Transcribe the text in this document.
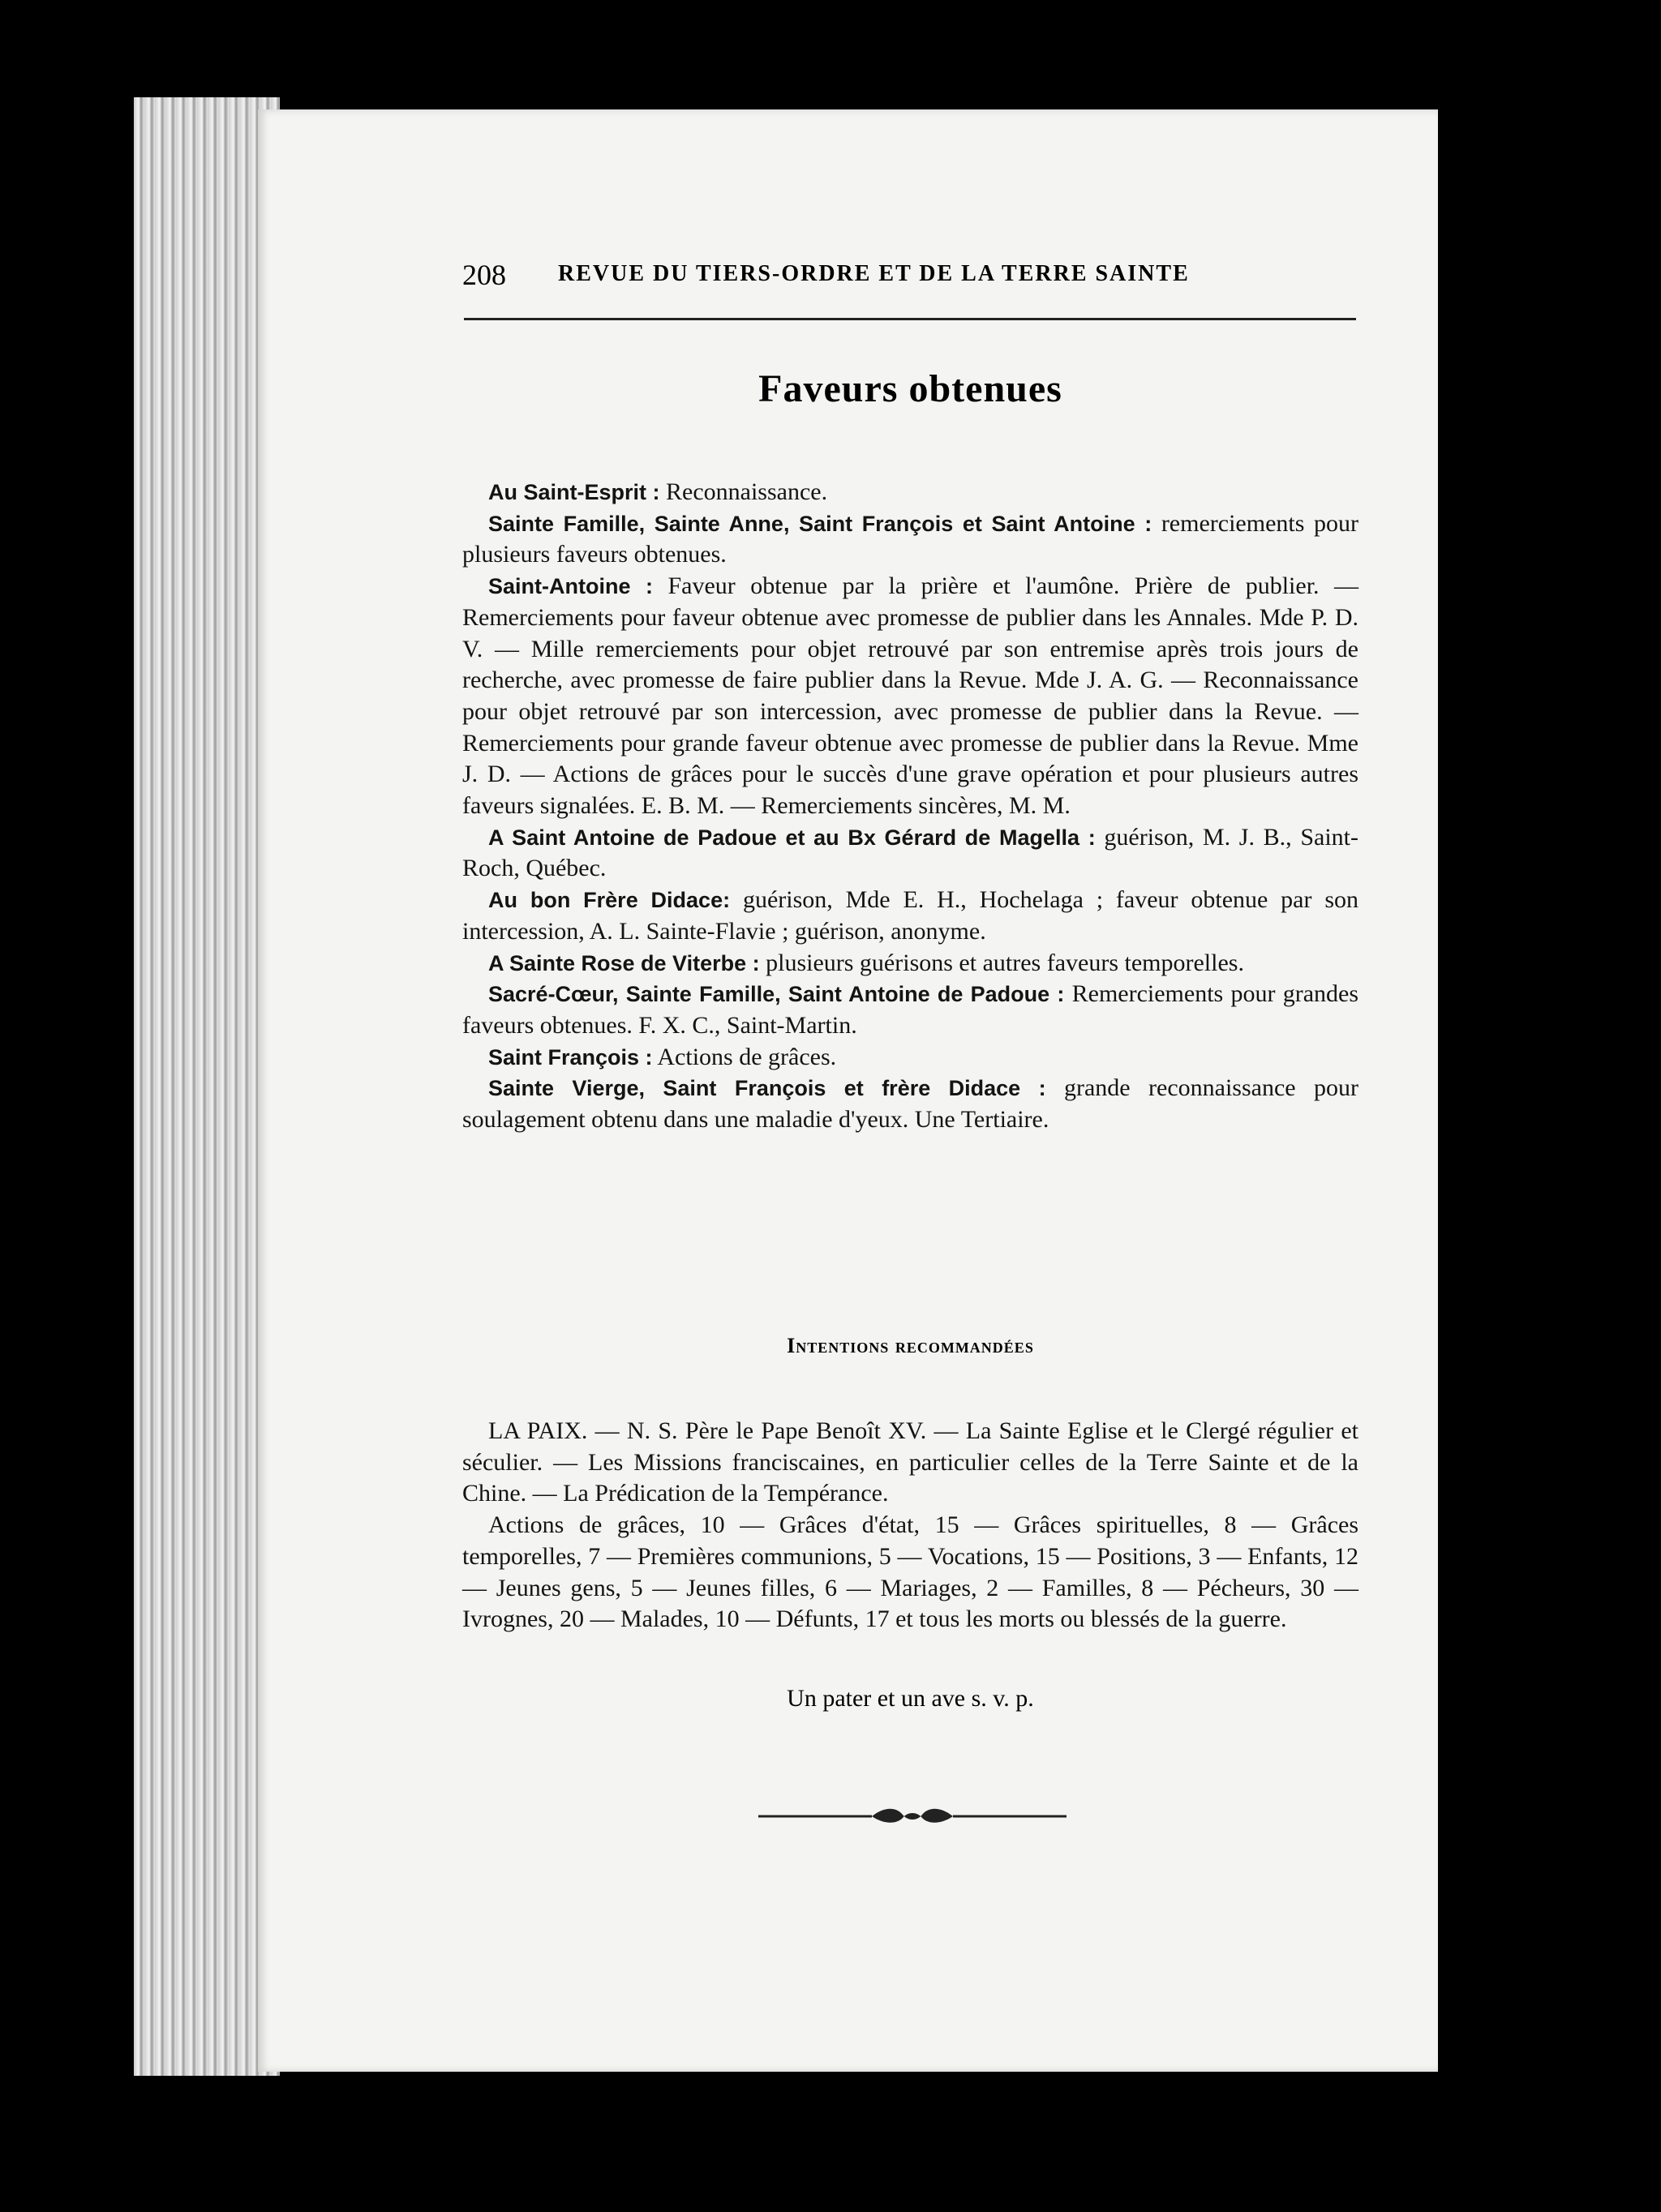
208 REVUE DU TIERS-ORDRE ET DE LA TERRE SAINTE
Faveurs obtenues

Au Saint-Esprit : Reconnaissance.

Sainte Famille, Sainte Anne, Saint François et Saint Antoine : remerciements pour plusieurs faveurs obtenues.

Saint-Antoine : Faveur obtenue par la prière et l'aumône. Prière de publier. — Remerciements pour faveur obtenue avec promesse de publier dans les Annales. Mde P. D. V. — Mille remerciements pour objet retrouvé par son entremise après trois jours de recherche, avec promesse de faire publier dans la Revue. Mde J. A. G. — Reconnaissance pour objet retrouvé par son intercession, avec promesse de publier dans la Revue. — Remerciements pour grande faveur obtenue avec promesse de publier dans la Revue. Mme J. D. — Actions de grâces pour le succès d'une grave opération et pour plusieurs autres faveurs signalées. E. B. M. — Remerciements sincères, M. M.

A Saint Antoine de Padoue et au Bx Gérard de Magella : guérison, M. J. B., Saint-Roch, Québec.

Au bon Frère Didace: guérison, Mde E. H., Hochelaga ; faveur obtenue par son intercession, A. L. Sainte-Flavie ; guérison, anonyme.

A Sainte Rose de Viterbe : plusieurs guérisons et autres faveurs temporelles.

Sacré-Cœur, Sainte Famille, Saint Antoine de Padoue : Remerciements pour grandes faveurs obtenues. F. X. C., Saint-Martin.

Saint François : Actions de grâces.

Sainte Vierge, Saint François et frère Didace : grande reconnaissance pour soulagement obtenu dans une maladie d'yeux. Une Tertiaire.

Intentions recommandées

LA PAIX. — N. S. Père le Pape Benoît XV. — La Sainte Eglise et le Clergé régulier et séculier. — Les Missions franciscaines, en particulier celles de la Terre Sainte et de la Chine. — La Prédication de la Tempérance.

Actions de grâces, 10 — Grâces d'état, 15 — Grâces spirituelles, 8 — Grâces temporelles, 7 — Premières communions, 5 — Vocations, 15 — Positions, 3 — Enfants, 12 — Jeunes gens, 5 — Jeunes filles, 6 — Mariages, 2 — Familles, 8 — Pécheurs, 30 — Ivrognes, 20 — Malades, 10 — Défunts, 17 et tous les morts ou blessés de la guerre.

Un pater et un ave s. v. p.
